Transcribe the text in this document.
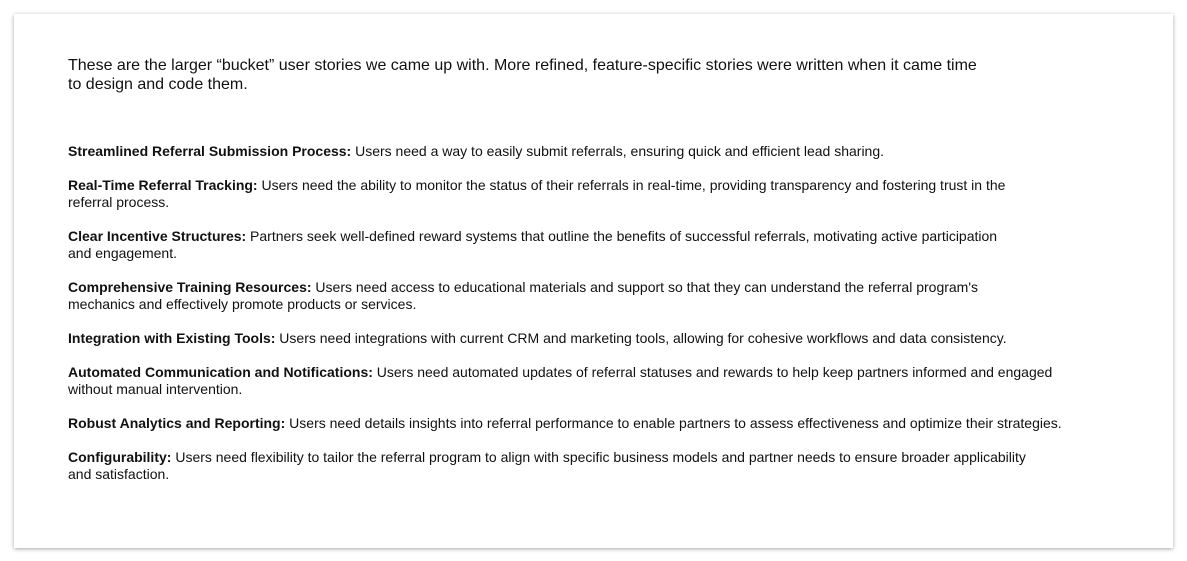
These are the larger “bucket” user stories we came up with. More refined, feature-specific stories were written when it came time to design and code them.

Streamlined Referral Submission Process: Users need a way to easily submit referrals, ensuring quick and efficient lead sharing.
Real-Time Referral Tracking: Users need the ability to monitor the status of their referrals in real-time, providing transparency and fostering trust in the referral process.
Clear Incentive Structures: Partners seek well-defined reward systems that outline the benefits of successful referrals, motivating active participation and engagement.
Comprehensive Training Resources: Users need access to educational materials and support so that they can understand the referral program's mechanics and effectively promote products or services.
Integration with Existing Tools: Users need integrations with current CRM and marketing tools, allowing for cohesive workflows and data consistency.
Automated Communication and Notifications: Users need automated updates of referral statuses and rewards to help keep partners informed and engaged without manual intervention.
Robust Analytics and Reporting: Users need details insights into referral performance to enable partners to assess effectiveness and optimize their strategies.
Configurability: Users need flexibility to tailor the referral program to align with specific business models and partner needs to ensure broader applicability and satisfaction.
